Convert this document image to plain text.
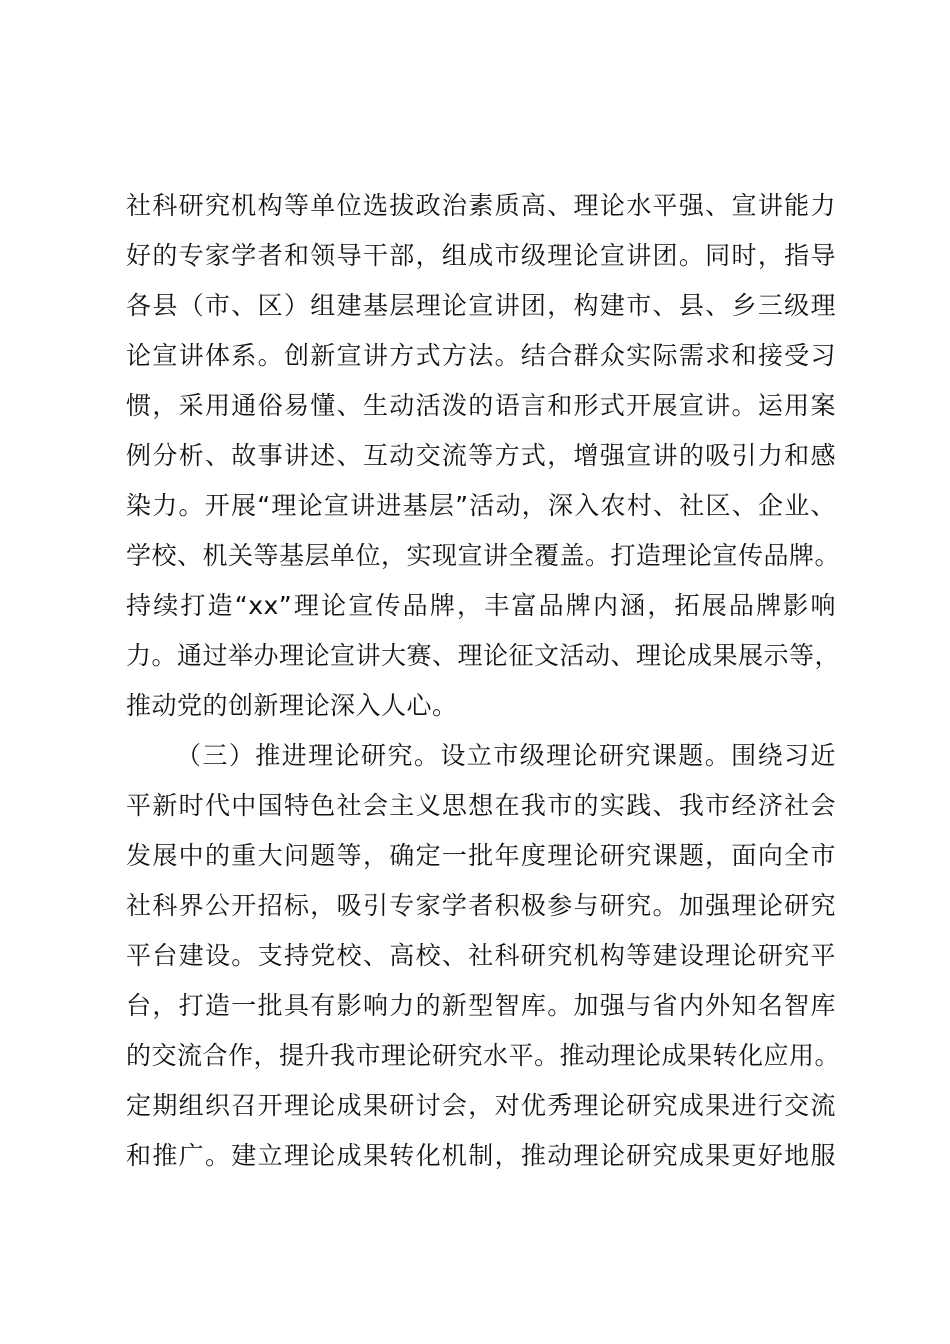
社科研究机构等单位选拔政治素质高、理论水平强、宣讲能力
好的专家学者和领导干部，组成市级理论宣讲团。同时，指导
各县（市、区）组建基层理论宣讲团，构建市、县、乡三级理
论宣讲体系。创新宣讲方式方法。结合群众实际需求和接受习
惯，采用通俗易懂、生动活泼的语言和形式开展宣讲。运用案
例分析、故事讲述、互动交流等方式，增强宣讲的吸引力和感
染力。开展“理论宣讲进基层”活动，深入农村、社区、企业、
学校、机关等基层单位，实现宣讲全覆盖。打造理论宣传品牌。
持续打造“xx”理论宣传品牌，丰富品牌内涵，拓展品牌影响
力。通过举办理论宣讲大赛、理论征文活动、理论成果展示等，
推动党的创新理论深入人心。
（三）推进理论研究。设立市级理论研究课题。围绕习近
平新时代中国特色社会主义思想在我市的实践、我市经济社会
发展中的重大问题等，确定一批年度理论研究课题，面向全市
社科界公开招标，吸引专家学者积极参与研究。加强理论研究
平台建设。支持党校、高校、社科研究机构等建设理论研究平
台，打造一批具有影响力的新型智库。加强与省内外知名智库
的交流合作，提升我市理论研究水平。推动理论成果转化应用。
定期组织召开理论成果研讨会，对优秀理论研究成果进行交流
和推广。建立理论成果转化机制，推动理论研究成果更好地服
